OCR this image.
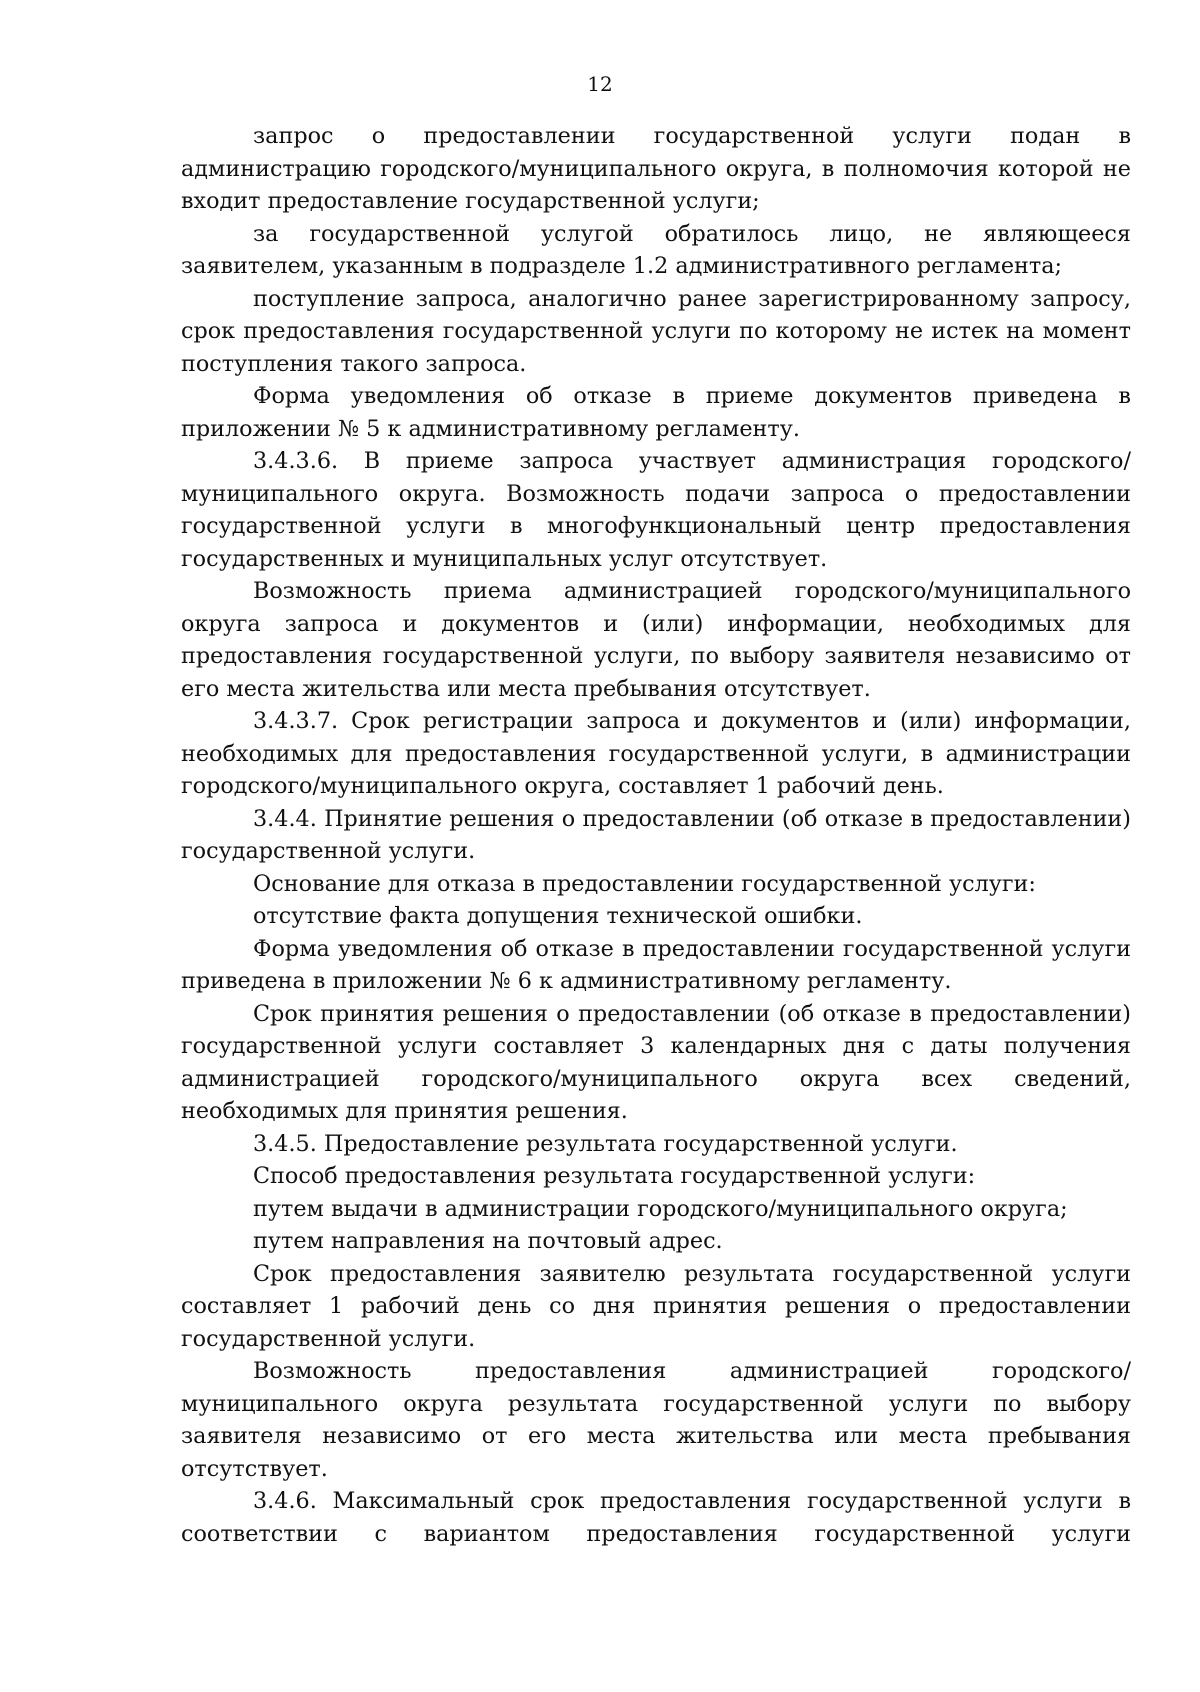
12

запрос о предоставлении государственной услуги подан в администрацию городского/муниципального округа, в полномочия которой не входит предоставление государственной услуги;

за государственной услугой обратилось лицо, не являющееся заявителем, указанным в подразделе 1.2 административного регламента;

поступление запроса, аналогично ранее зарегистрированному запросу, срок предоставления государственной услуги по которому не истек на момент поступления такого запроса.

Форма уведомления об отказе в приеме документов приведена в приложении № 5 к административному регламенту.

3.4.3.6. В приеме запроса участвует администрация городского/муниципального округа. Возможность подачи запроса о предоставлении государственной услуги в многофункциональный центр предоставления государственных и муниципальных услуг отсутствует.

Возможность приема администрацией городского/муниципального округа запроса и документов и (или) информации, необходимых для предоставления государственной услуги, по выбору заявителя независимо от его места жительства или места пребывания отсутствует.

3.4.3.7. Срок регистрации запроса и документов и (или) информации, необходимых для предоставления государственной услуги, в администрации городского/муниципального округа, составляет 1 рабочий день.

3.4.4. Принятие решения о предоставлении (об отказе в предоставлении) государственной услуги.

Основание для отказа в предоставлении государственной услуги:

отсутствие факта допущения технической ошибки.

Форма уведомления об отказе в предоставлении государственной услуги приведена в приложении № 6 к административному регламенту.

Срок принятия решения о предоставлении (об отказе в предоставлении) государственной услуги составляет 3 календарных дня с даты получения администрацией городского/муниципального округа всех сведений, необходимых для принятия решения.

3.4.5. Предоставление результата государственной услуги.

Способ предоставления результата государственной услуги:

путем выдачи в администрации городского/муниципального округа;

путем направления на почтовый адрес.

Срок предоставления заявителю результата государственной услуги составляет 1 рабочий день со дня принятия решения о предоставлении государственной услуги.

Возможность предоставления администрацией городского/муниципального округа результата государственной услуги по выбору заявителя независимо от его места жительства или места пребывания отсутствует.

3.4.6. Максимальный срок предоставления государственной услуги в соответствии с вариантом предоставления государственной услуги
